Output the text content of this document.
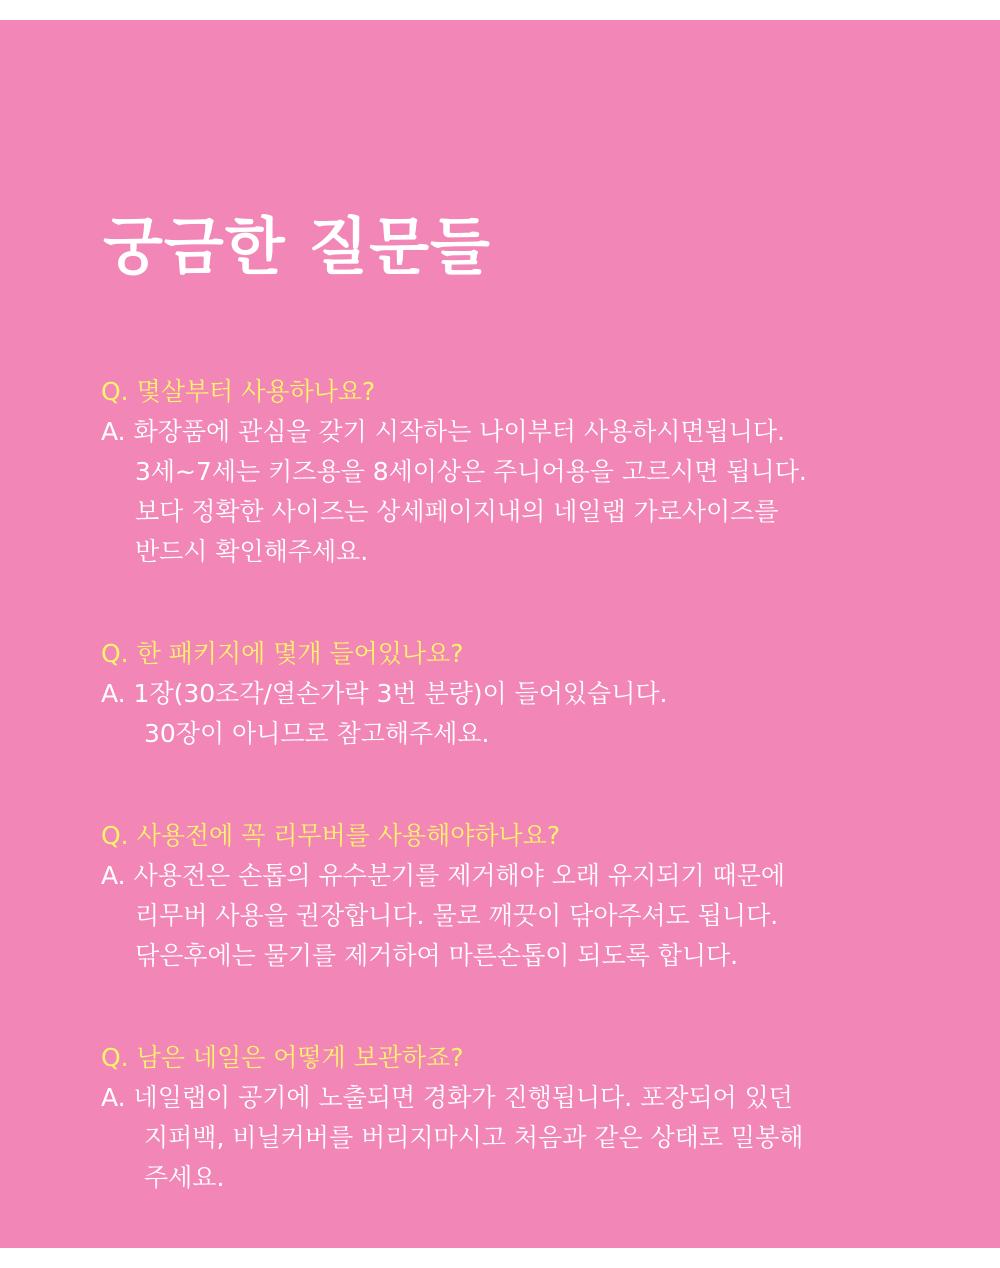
궁금한 질문들
Q. 몇살부터 사용하나요?
A. 화장품에 관심을 갖기 시작하는 나이부터 사용하시면됩니다.
3세~7세는 키즈용을 8세이상은 주니어용을 고르시면 됩니다.
보다 정확한 사이즈는 상세페이지내의 네일랩 가로사이즈를
반드시 확인해주세요.
Q. 한 패키지에 몇개 들어있나요?
A. 1장(30조각/열손가락 3번 분량)이 들어있습니다.
30장이 아니므로 참고해주세요.
Q. 사용전에 꼭 리무버를 사용해야하나요?
A. 사용전은 손톱의 유수분기를 제거해야 오래 유지되기 때문에
리무버 사용을 권장합니다. 물로 깨끗이 닦아주셔도 됩니다.
닦은후에는 물기를 제거하여 마른손톱이 되도록 합니다.
Q. 남은 네일은 어떻게 보관하죠?
A. 네일랩이 공기에 노출되면 경화가 진행됩니다. 포장되어 있던
지퍼백, 비닐커버를 버리지마시고 처음과 같은 상태로 밀봉해
주세요.
